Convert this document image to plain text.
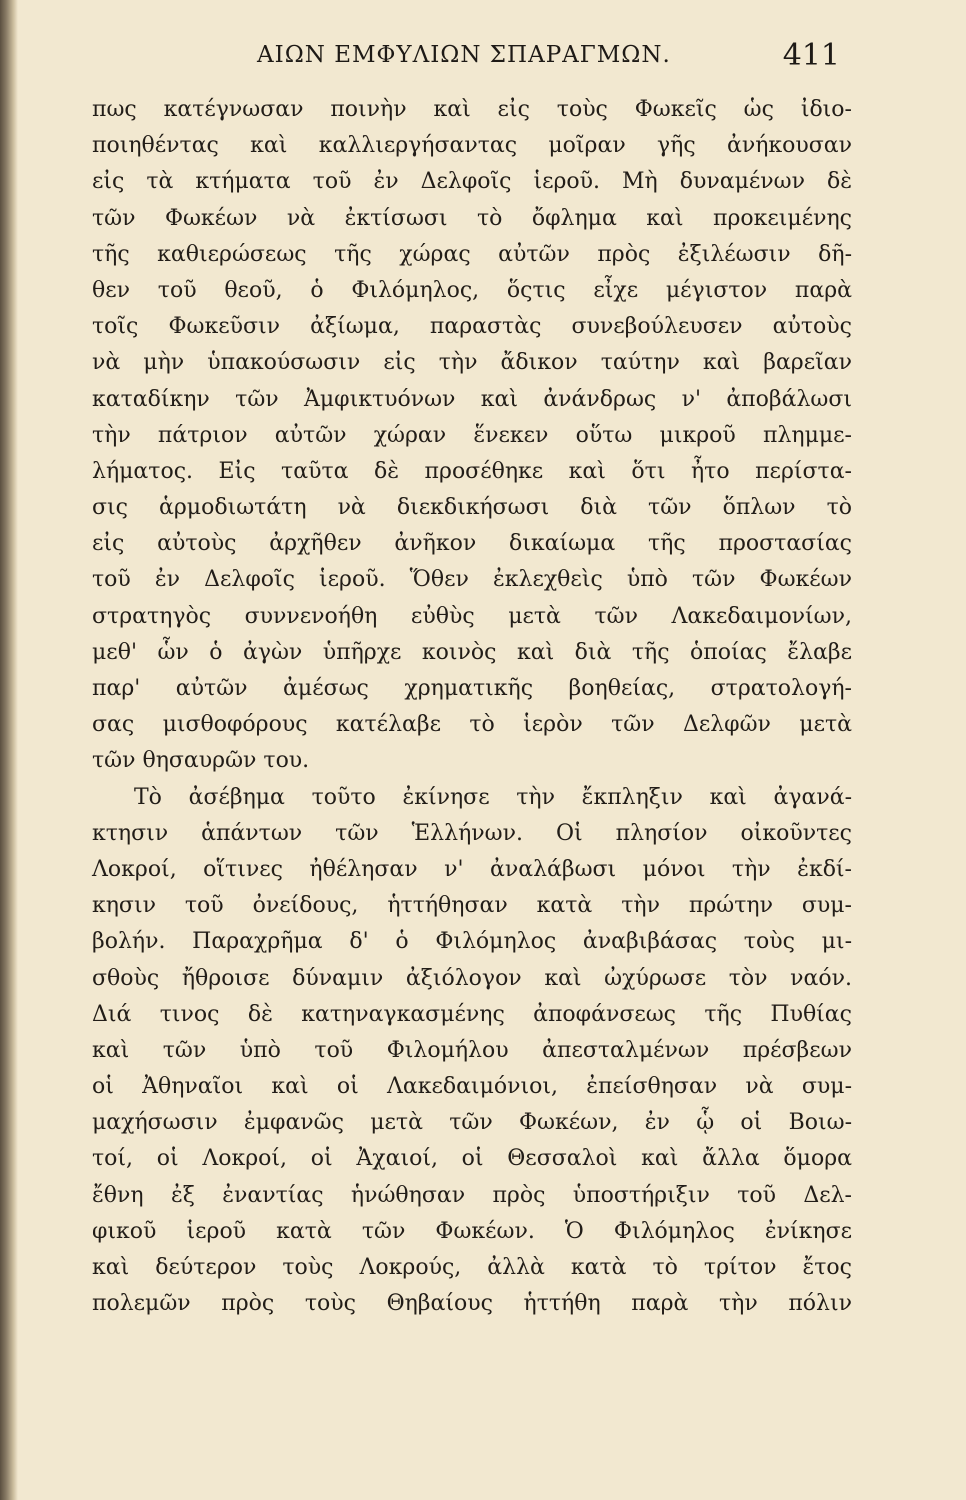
ΑΙΩΝ ΕΜΦΥΛΙΩΝ ΣΠΑΡΑΓΜΩΝ.	411
πως κατέγνωσαν ποινὴν καὶ εἰς τοὺς Φωκεῖς ὡς ἰδιο-
ποιηθέντας καὶ καλλιεργήσαντας μοῖραν γῆς ἀνήκουσαν
εἰς τὰ κτήματα τοῦ ἐν Δελφοῖς ἱεροῦ. Μὴ δυναμένων δὲ
τῶν Φωκέων νὰ ἐκτίσωσι τὸ ὄφλημα καὶ προκειμένης
τῆς καθιερώσεως τῆς χώρας αὐτῶν πρὸς ἐξιλέωσιν δῆ-
θεν τοῦ θεοῦ, ὁ Φιλόμηλος, ὅςτις εἶχε μέγιστον παρὰ
τοῖς Φωκεῦσιν ἀξίωμα, παραστὰς συνεβούλευσεν αὐτοὺς
νὰ μὴν ὑπακούσωσιν εἰς τὴν ἄδικον ταύτην καὶ βαρεῖαν
καταδίκην τῶν Ἀμφικτυόνων καὶ ἀνάνδρως ν' ἀποβάλωσι
τὴν πάτριον αὐτῶν χώραν ἕνεκεν οὕτω μικροῦ πλημμε-
λήματος. Εἰς ταῦτα δὲ προσέθηκε καὶ ὅτι ἦτο περίστα-
σις ἁρμοδιωτάτη νὰ διεκδικήσωσι διὰ τῶν ὅπλων τὸ
εἰς αὐτοὺς ἀρχῆθεν ἀνῆκον δικαίωμα τῆς προστασίας
τοῦ ἐν Δελφοῖς ἱεροῦ. Ὅθεν ἐκλεχθεὶς ὑπὸ τῶν Φωκέων
στρατηγὸς συννενοήθη εὐθὺς μετὰ τῶν Λακεδαιμονίων,
μεθ' ὧν ὁ ἀγὼν ὑπῆρχε κοινὸς καὶ διὰ τῆς ὁποίας ἔλαβε
παρ' αὐτῶν ἀμέσως χρηματικῆς βοηθείας, στρατολογή-
σας μισθοφόρους κατέλαβε τὸ ἱερὸν τῶν Δελφῶν μετὰ
τῶν θησαυρῶν του.
Τὸ ἀσέβημα τοῦτο ἐκίνησε τὴν ἔκπληξιν καὶ ἀγανά-
κτησιν ἁπάντων τῶν Ἑλλήνων. Οἱ πλησίον οἰκοῦντες
Λοκροί, οἵτινες ἠθέλησαν ν' ἀναλάβωσι μόνοι τὴν ἐκδί-
κησιν τοῦ ὀνείδους, ἡττήθησαν κατὰ τὴν πρώτην συμ-
βολήν. Παραχρῆμα δ' ὁ Φιλόμηλος ἀναβιβάσας τοὺς μι-
σθοὺς ἤθροισε δύναμιν ἀξιόλογον καὶ ὠχύρωσε τὸν ναόν.
Διά τινος δὲ κατηναγκασμένης ἀποφάνσεως τῆς Πυθίας
καὶ τῶν ὑπὸ τοῦ Φιλομήλου ἀπεσταλμένων πρέσβεων
οἱ Ἀθηναῖοι καὶ οἱ Λακεδαιμόνιοι, ἐπείσθησαν νὰ συμ-
μαχήσωσιν ἐμφανῶς μετὰ τῶν Φωκέων, ἐν ᾧ οἱ Βοιω-
τοί, οἱ Λοκροί, οἱ Ἀχαιοί, οἱ Θεσσαλοὶ καὶ ἄλλα ὅμορα
ἔθνη ἐξ ἐναντίας ἡνώθησαν πρὸς ὑποστήριξιν τοῦ Δελ-
φικοῦ ἱεροῦ κατὰ τῶν Φωκέων. Ὁ Φιλόμηλος ἐνίκησε
καὶ δεύτερον τοὺς Λοκρούς, ἀλλὰ κατὰ τὸ τρίτον ἔτος
πολεμῶν πρὸς τοὺς Θηβαίους ἡττήθη παρὰ τὴν πόλιν
